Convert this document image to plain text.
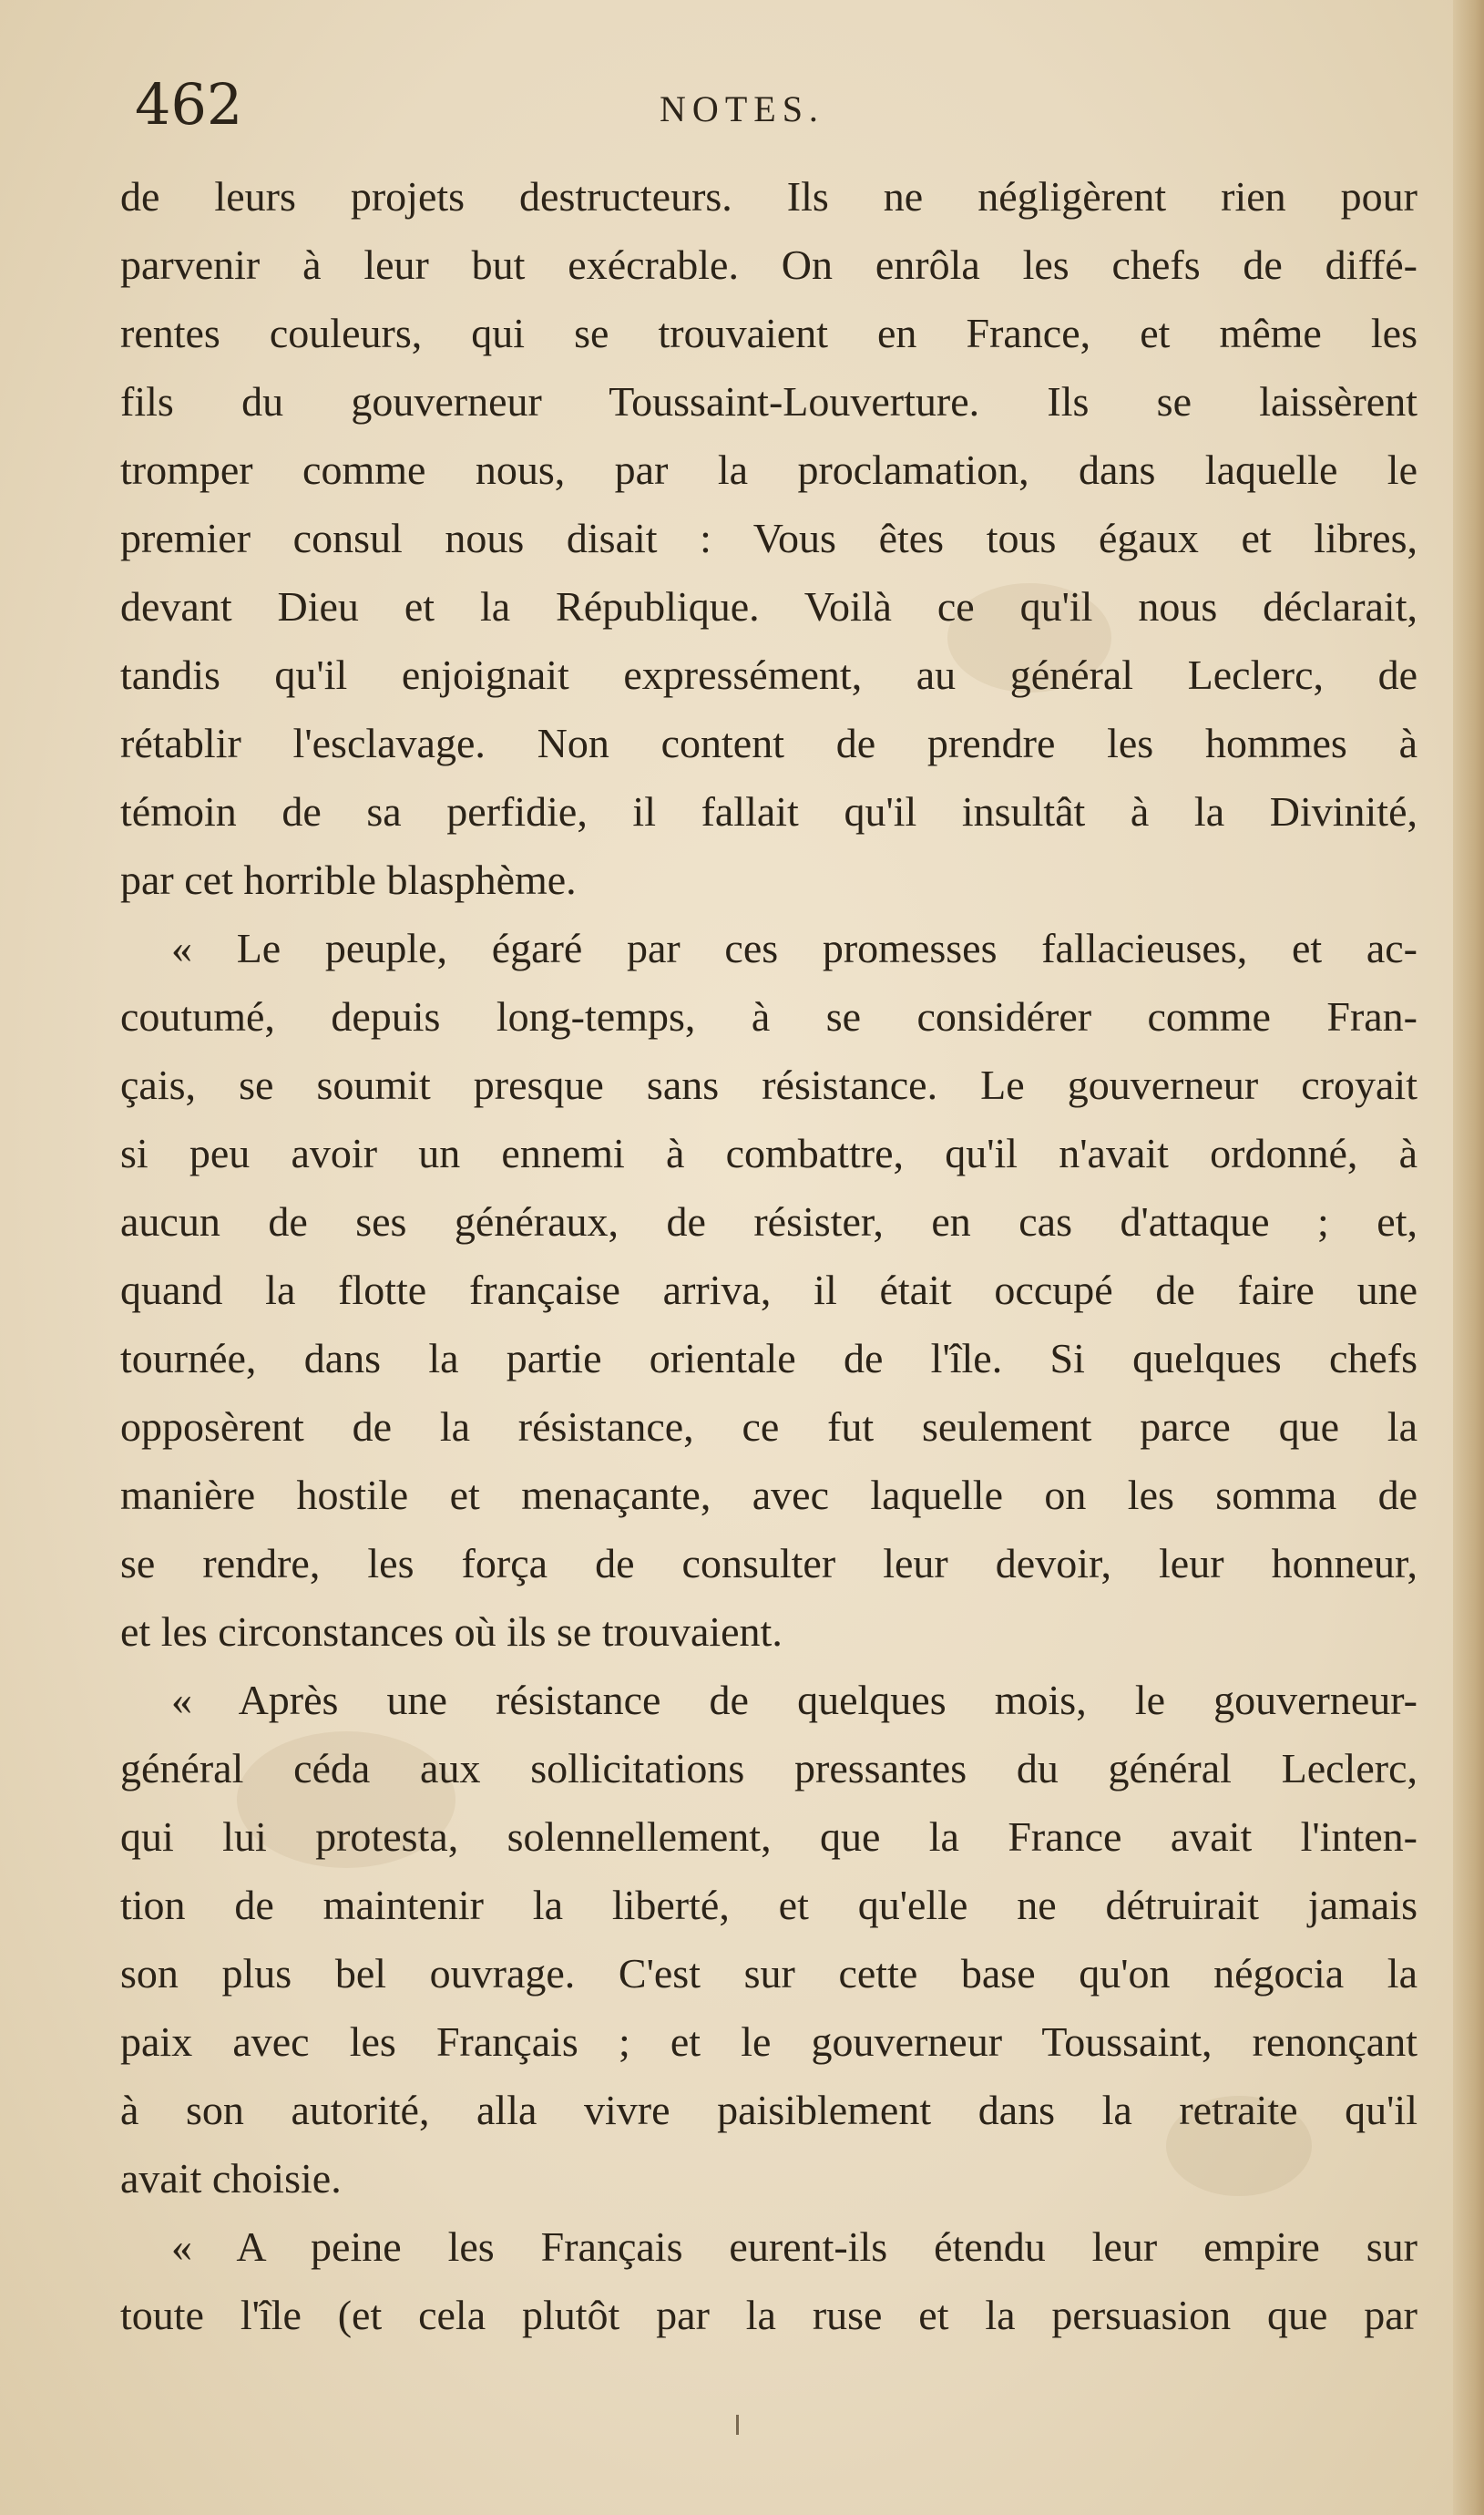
462	NOTES.
de leurs projets destructeurs. Ils ne négligèrent rien pour
parvenir à leur but exécrable. On enrôla les chefs de diffé-
rentes couleurs, qui se trouvaient en France, et même les
fils du gouverneur Toussaint-Louverture. Ils se laissèrent
tromper comme nous, par la proclamation, dans laquelle le
premier consul nous disait : Vous êtes tous égaux et libres,
devant Dieu et la République. Voilà ce qu'il nous déclarait,
tandis qu'il enjoignait expressément, au général Leclerc, de
rétablir l'esclavage. Non content de prendre les hommes à
témoin de sa perfidie, il fallait qu'il insultât à la Divinité,
par cet horrible blasphème.
« Le peuple, égaré par ces promesses fallacieuses, et ac-
coutumé, depuis long-temps, à se considérer comme Fran-
çais, se soumit presque sans résistance. Le gouverneur croyait
si peu avoir un ennemi à combattre, qu'il n'avait ordonné, à
aucun de ses généraux, de résister, en cas d'attaque ; et,
quand la flotte française arriva, il était occupé de faire une
tournée, dans la partie orientale de l'île. Si quelques chefs
opposèrent de la résistance, ce fut seulement parce que la
manière hostile et menaçante, avec laquelle on les somma de
se rendre, les força de consulter leur devoir, leur honneur,
et les circonstances où ils se trouvaient.
« Après une résistance de quelques mois, le gouverneur-
général céda aux sollicitations pressantes du général Leclerc,
qui lui protesta, solennellement, que la France avait l'inten-
tion de maintenir la liberté, et qu'elle ne détruirait jamais
son plus bel ouvrage. C'est sur cette base qu'on négocia la
paix avec les Français ; et le gouverneur Toussaint, renonçant
à son autorité, alla vivre paisiblement dans la retraite qu'il
avait choisie.
« A peine les Français eurent-ils étendu leur empire sur
toute l'île (et cela plutôt par la ruse et la persuasion que par
